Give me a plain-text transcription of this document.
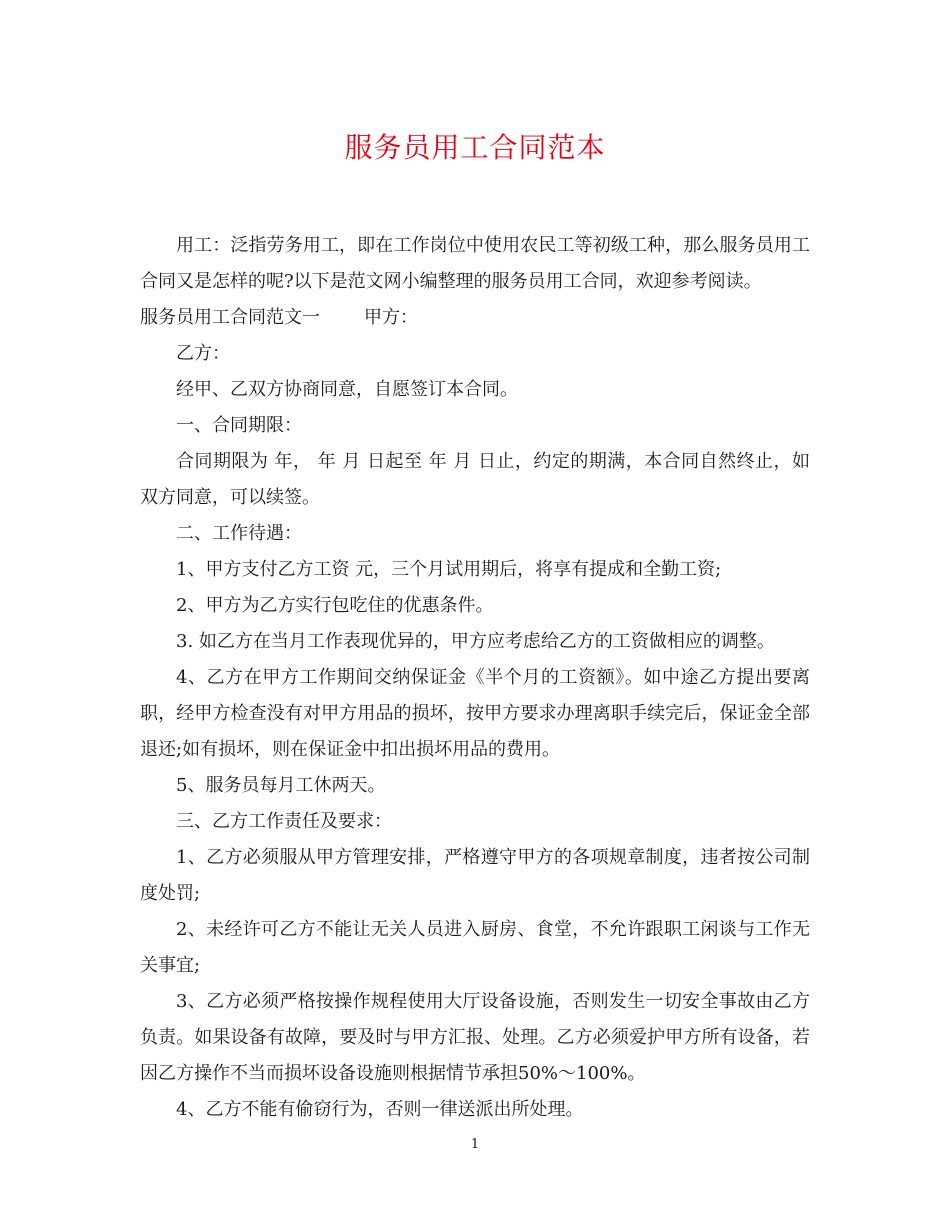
服务员用工合同范本

用工：泛指劳务用工，即在工作岗位中使用农民工等初级工种，那么服务员用工合同又是怎样的呢?以下是范文网小编整理的服务员用工合同，欢迎参考阅读。

服务员用工合同范文一 甲方：

乙方：

经甲、乙双方协商同意，自愿签订本合同。

一、合同期限：

合同期限为 年， 年 月 日起至 年 月 日止，约定的期满，本合同自然终止，如双方同意，可以续签。

二、工作待遇：

1、甲方支付乙方工资 元，三个月试用期后，将享有提成和全勤工资;

2、甲方为乙方实行包吃住的优惠条件。

3. 如乙方在当月工作表现优异的，甲方应考虑给乙方的工资做相应的调整。

4、乙方在甲方工作期间交纳保证金《半个月的工资额》。如中途乙方提出要离职，经甲方检查没有对甲方用品的损坏，按甲方要求办理离职手续完后，保证金全部退还;如有损坏，则在保证金中扣出损坏用品的费用。

5、服务员每月工休两天。

三、乙方工作责任及要求：

1、乙方必须服从甲方管理安排，严格遵守甲方的各项规章制度，违者按公司制度处罚;

2、未经许可乙方不能让无关人员进入厨房、食堂，不允许跟职工闲谈与工作无关事宜;

3、乙方必须严格按操作规程使用大厅设备设施，否则发生一切安全事故由乙方负责。如果设备有故障，要及时与甲方汇报、处理。乙方必须爱护甲方所有设备，若因乙方操作不当而损坏设备设施则根据情节承担50%～100%。

4、乙方不能有偷窃行为，否则一律送派出所处理。

1
